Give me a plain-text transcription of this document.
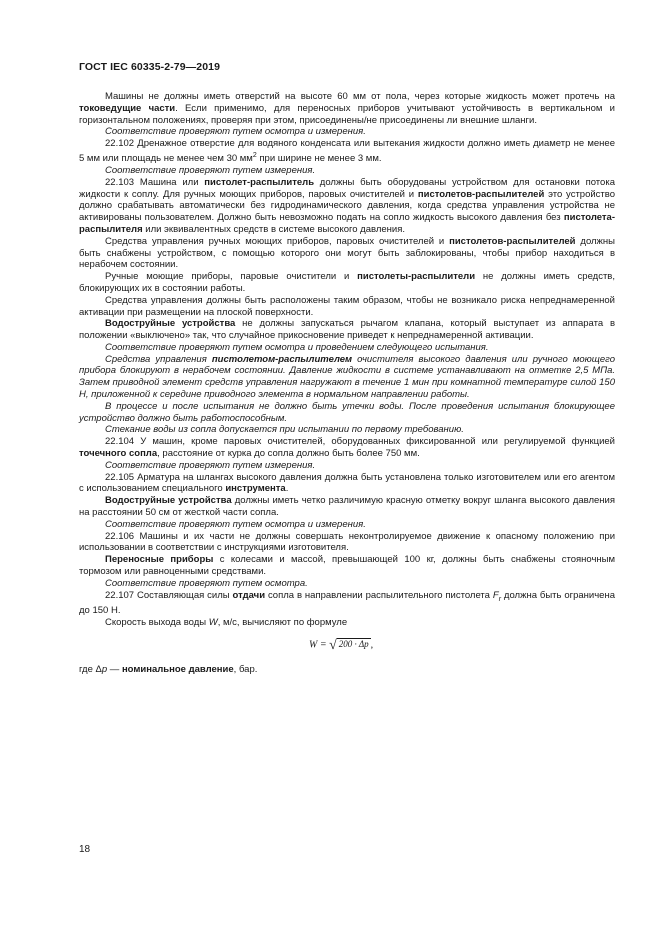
ГОСТ IEC 60335-2-79—2019

Машины не должны иметь отверстий на высоте 60 мм от пола, через которые жидкость может протечь на токоведущие части. Если применимо, для переносных приборов учитывают устойчивость в вертикальном и горизонтальном положениях, проверяя при этом, присоединены/не присоединены ли внешние шланги.

Соответствие проверяют путем осмотра и измерения.

22.102 Дренажное отверстие для водяного конденсата или вытекания жидкости должно иметь диаметр не менее 5 мм или площадь не менее чем 30 $мм^2$ при ширине не менее 3 мм.

Соответствие проверяют путем измерения.

22.103 Машина или пистолет-распылитель должны быть оборудованы устройством для остановки потока жидкости к соплу. Для ручных моющих приборов, паровых очистителей и пистолетов-распылителей это устройство должно срабатывать автоматически без гидродинамического давления, когда средства управления устройства не активированы пользователем. Должно быть невозможно подать на сопло жидкость высокого давления без пистолета-распылителя или эквивалентных средств в системе высокого давления.

Средства управления ручных моющих приборов, паровых очистителей и пистолетов-распылителей должны быть снабжены устройством, с помощью которого они могут быть заблокированы, чтобы прибор находиться в нерабочем состоянии.

Ручные моющие приборы, паровые очистители и пистолеты-распылители не должны иметь средств, блокирующих их в состоянии работы.

Средства управления должны быть расположены таким образом, чтобы не возникало риска непреднамеренной активации при размещении на плоской поверхности.

Водоструйные устройства не должны запускаться рычагом клапана, который выступает из аппарата в положении «выключено» так, что случайное прикосновение приведет к непреднамеренной активации.

Соответствие проверяют путем осмотра и проведением следующего испытания.

Средства управления пистолетом-распылителем очистителя высокого давления или ручного моющего прибора блокируют в нерабочем состоянии. Давление жидкости в системе устанавливают на отметке 2,5 МПа. Затем приводной элемент средств управления нагружают в течение 1 мин при комнатной температуре силой 150 Н, приложенной к середине приводного элемента в нормальном направлении работы.

В процессе и после испытания не должно быть утечки воды. После проведения испытания блокирующее устройство должно быть работоспособным.

Стекание воды из сопла допускается при испытании по первому требованию.

22.104 У машин, кроме паровых очистителей, оборудованных фиксированной или регулируемой функцией точечного сопла, расстояние от курка до сопла должно быть более 750 мм.

Соответствие проверяют путем измерения.

22.105 Арматура на шлангах высокого давления должна быть установлена только изготовителем или его агентом с использованием специального инструмента.

Водоструйные устройства должны иметь четко различимую красную отметку вокруг шланга высокого давления на расстоянии 50 см от жесткой части сопла.

Соответствие проверяют путем осмотра и измерения.

22.106 Машины и их части не должны совершать неконтролируемое движение к опасному положению при использовании в соответствии с инструкциями изготовителя.

Переносные приборы с колесами и массой, превышающей 100 кг, должны быть снабжены стояночным тормозом или равноценными средствами.

Соответствие проверяют путем осмотра.

22.107 Составляющая силы отдачи сопла в направлении распылительного пистолета $F_r$ должна быть ограничена до 150 Н.

Скорость выхода воды W, м/с, вычисляют по формуле

W = √ 200 · Δp ,

где Δp — номинальное давление, бар.

18
